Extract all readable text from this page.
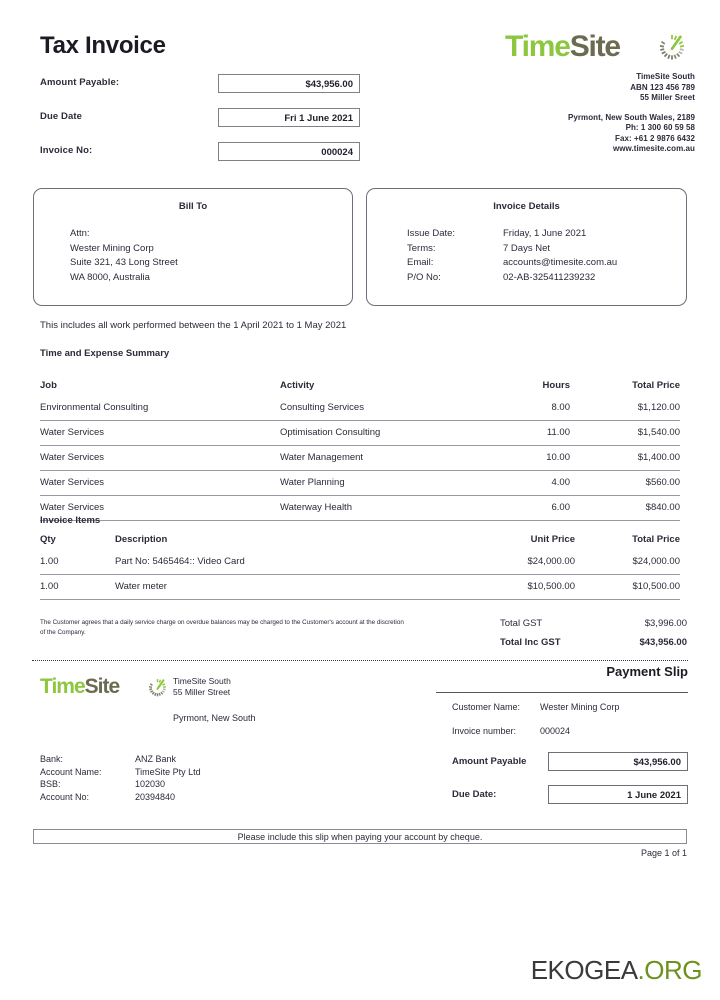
Tax Invoice
Amount Payable:	$43,956.00
Due Date	Fri 1 June 2021
Invoice No:	000024
TimeSite
TimeSite South
ABN 123 456 789
55 Miller Sreet
Pyrmont, New South Wales, 2189
Ph: 1 300 60 59 58
Fax: +61 2 9876 6432
www.timesite.com.au
Bill To
Attn:
Wester Mining Corp
Suite 321, 43 Long Street
WA 8000, Australia
Invoice Details
Issue Date:	Friday, 1 June 2021
Terms:	7 Days Net
Email:	accounts@timesite.com.au
P/O No:	02-AB-325411239232
This includes all work performed between the 1 April 2021 to 1 May 2021
Time and Expense Summary
Job	Activity	Hours	Total Price
Environmental Consulting	Consulting Services	8.00	$1,120.00
Water Services	Optimisation Consulting	11.00	$1,540.00
Water Services	Water Management	10.00	$1,400.00
Water Services	Water Planning	4.00	$560.00
Water Services	Waterway Health	6.00	$840.00
Invoice Items
Qty	Description	Unit Price	Total Price
1.00	Part No: 5465464:: Video Card	$24,000.00	$24,000.00
1.00	Water meter	$10,500.00	$10,500.00
The Customer agrees that a daily service charge on overdue balances may be charged to the Customer's account at the discretion of the Company.
Total GST	$3,996.00
Total Inc GST	$43,956.00
Payment Slip
Customer Name: Wester Mining Corp
Invoice number:	000024
Amount Payable	$43,956.00
Due Date:	1 June 2021
TimeSite	TimeSite South
55 Miller Street
Pyrmont, New South
Bank:	ANZ Bank
Account Name:	TimeSite Pty Ltd
BSB:	102030
Account No:	20394840
Please include this slip when paying your account by cheque.
Page 1 of 1
EKOGEA.ORG
